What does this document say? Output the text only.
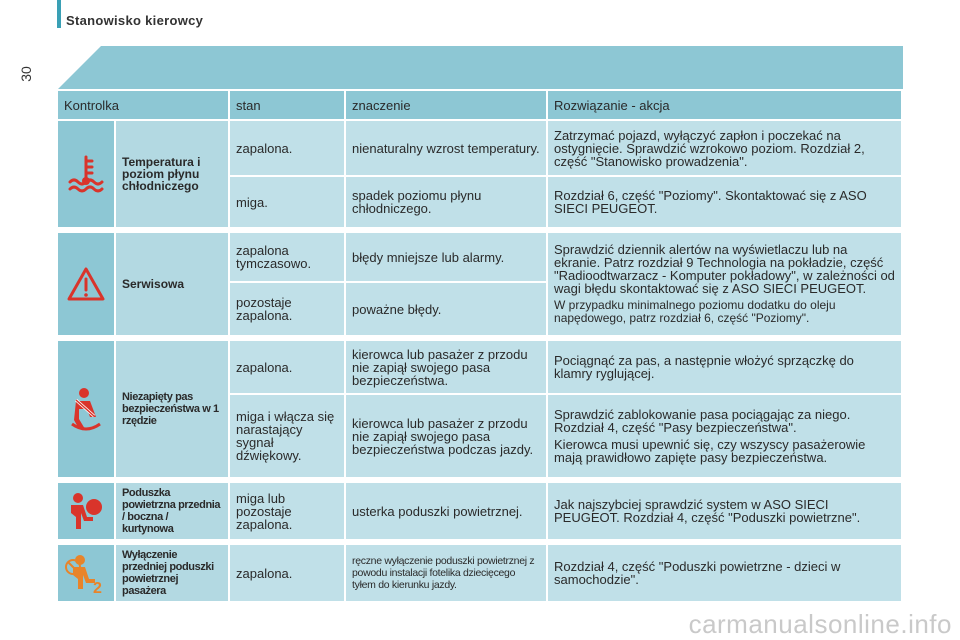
Stanowisko kierowcy
30
Kontrolka		stan	znaczenie	Rozwiązanie - akcja

	Temperatura i poziom płynu chłodniczego	zapalona.	nienaturalny wzrost temperatury.	Zatrzymać pojazd, wyłączyć zapłon i poczekać na ostygnięcie. Sprawdzić wzrokowo poziom. Rozdział 2, część "Stanowisko prowadzenia".
		miga.	spadek poziomu płynu chłodniczego.	Rozdział 6, część "Poziomy". Skontaktować się z ASO SIECI PEUGEOT.

	Serwisowa	zapalona tymczasowo.	błędy mniejsze lub alarmy.	Sprawdzić dziennik alertów na wyświetlaczu lub na ekranie. Patrz rozdział 9 Technologia na pokładzie, część "Radioodtwarzacz - Komputer pokładowy", w zależności od wagi błędu skontaktować się z ASO SIECI PEUGEOT.
W przypadku minimalnego poziomu dodatku do oleju napędowego, patrz rozdział 6, część "Poziomy".

		pozostaje zapalona.	poważne błędy.	

	Niezapięty pas bezpieczeństwa w 1 rzędzie	zapalona.	kierowca lub pasażer z przodu nie zapiął swojego pasa bezpieczeństwa.	Pociągnąć za pas, a następnie włożyć sprzączkę do klamry ryglującej.
		miga i włącza się narastający sygnał dźwiękowy.	kierowca lub pasażer z przodu nie zapiął swojego pasa bezpieczeństwa podczas jazdy.	Sprawdzić zablokowanie pasa pociągając za niego. Rozdział 4, część "Pasy bezpieczeństwa".
Kierowca musi upewnić się, czy wszyscy pasażerowie mają prawidłowo zapięte pasy bezpieczeństwa.

	Poduszka powietrzna przednia / boczna / kurtynowa	miga lub pozostaje zapalona.	usterka poduszki powietrznej.	Jak najszybciej sprawdzić system w ASO SIECI PEUGEOT. Rozdział 4, część "Poduszki powietrzne".

2	Wyłączenie przedniej poduszki powietrznej pasażera	zapalona.	ręczne wyłączenie poduszki powietrznej z powodu instalacji fotelika dziecięcego tyłem do kierunku jazdy.	Rozdział 4, część "Poduszki powietrzne - dzieci w samochodzie".
carmanualsonline.info
